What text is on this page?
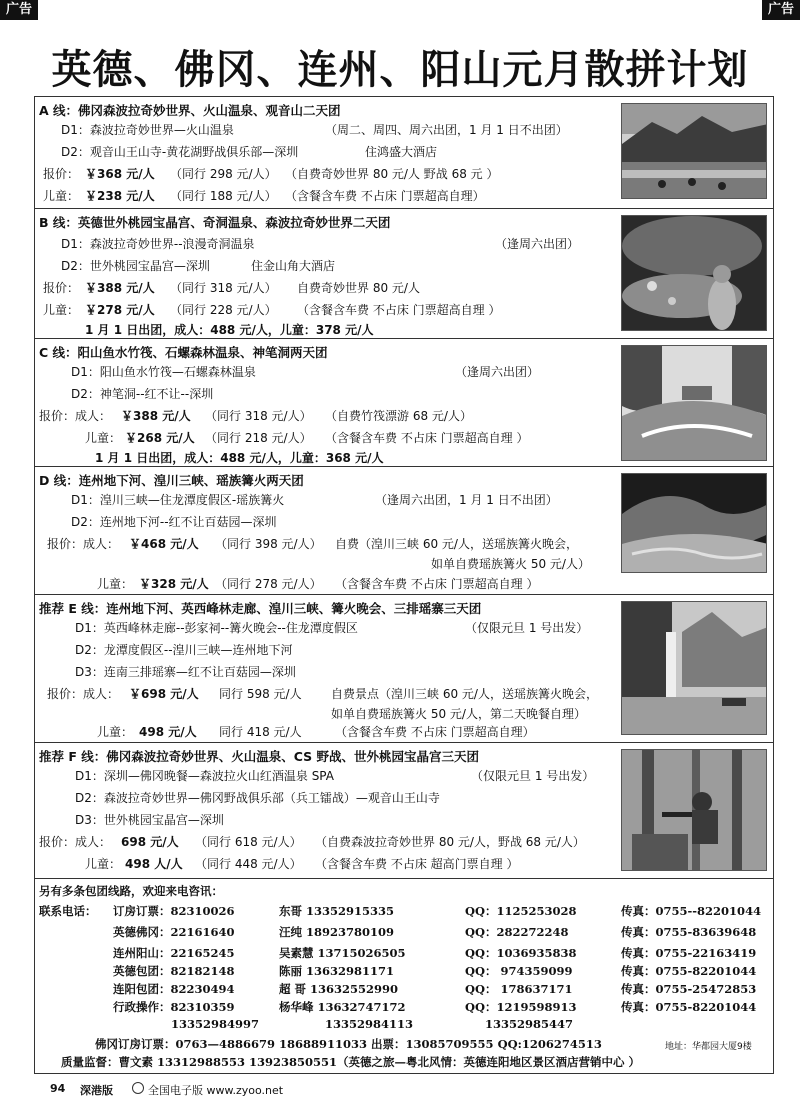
广告	广告
英德、佛冈、连州、阳山元月散拼计划
A 线：佛冈森波拉奇妙世界、火山温泉、观音山二天团
D1：森波拉奇妙世界—火山温泉	（周二、周四、周六出团，1 月 1 日不出团）
D2：观音山王山寺-黄花湖野战俱乐部—深圳	住鸿盛大酒店
报价： ￥368 元/人 （同行 298 元/人） （自费奇妙世界 80 元/人 野战 68 元 ）
儿童： ￥238 元/人 （同行 188 元/人） （含餐含车费 不占床 门票超高自理）
B 线：英德世外桃园宝晶宫、奇洞温泉、森波拉奇妙世界二天团
D1：森波拉奇妙世界--浪漫奇洞温泉	（逢周六出团）
D2：世外桃园宝晶宫—深圳	住金山角大酒店
报价： ￥388 元/人 （同行 318 元/人） 自费奇妙世界 80 元/人
儿童： ￥278 元/人 （同行 228 元/人） （含餐含车费 不占床 门票超高自理 ）
1 月 1 日出团，成人：488 元/人，儿童：378 元/人
C 线：阳山鱼水竹筏、石螺森林温泉、神笔洞两天团
D1：阳山鱼水竹筏—石螺森林温泉	（逢周六出团）
D2：神笔洞--红不让--深圳
报价：成人： ￥388 元/人 （同行 318 元/人） （自费竹筏漂游 68 元/人）
儿童： ￥268 元/人 （同行 218 元/人） （含餐含车费 不占床 门票超高自理 ）
1 月 1 日出团，成人：488 元/人，儿童：368 元/人
D 线：连州地下河、湟川三峡、瑶族篝火两天团
D1：湟川三峡—住龙潭度假区-瑶族篝火	（逢周六出团，1 月 1 日不出团）
D2：连州地下河--红不让百菇园—深圳
报价：成人： ￥468 元/人 （同行 398 元/人） 自费（湟川三峡 60 元/人，送瑶族篝火晚会，
如单自费瑶族篝火 50 元/人）
儿童： ￥328 元/人 （同行 278 元/人） （含餐含车费 不占床 门票超高自理 ）
推荐 E 线：连州地下河、英西峰林走廊、湟川三峡、篝火晚会、三排瑶寨三天团
D1：英西峰林走廊--彭家祠--篝火晚会--住龙潭度假区	（仅限元旦 1 号出发）
D2：龙潭度假区--湟川三峡—连州地下河
D3：连南三排瑶寨—红不让百菇园—深圳
报价：成人： ￥698 元/人 同行 598 元/人 自费景点（湟川三峡 60 元/人，送瑶族篝火晚会，
如单自费瑶族篝火 50 元/人，第二天晚餐自理）
儿童： 498 元/人 同行 418 元/人	（含餐含车费 不占床 门票超高自理）
推荐 F 线：佛冈森波拉奇妙世界、火山温泉、CS 野战、世外桃园宝晶宫三天团
D1：深圳—佛冈晚餐—森波拉火山红酒温泉 SPA	（仅限元旦 1 号出发）
D2：森波拉奇妙世界—佛冈野战俱乐部（兵工镭战）—观音山王山寺
D3：世外桃园宝晶宫—深圳
报价：成人： 698 元/人 （同行 618 元/人） （自费森波拉奇妙世界 80 元/人，野战 68 元/人）
儿童： 498 人/人 （同行 448 元/人） （含餐含车费 不占床 超高门票自理 ）
另有多条包团线路，欢迎来电咨讯：
联系电话： 订房订票：82310026	东哥 13352915335	QQ：1125253028	传真：0755--82201044
英德佛冈：22161640	汪纯 18923780109	QQ：282272248	传真：0755-83639648
连州阳山：22165245	吴素慧 13715026505	QQ：1036935838	传真：0755-22163419
英德包团：82182148	陈丽 13632981171	QQ： 974359099	传真：0755-82201044
连阳包团：82230494	超 哥 13632552990	QQ： 178637171	传真：0755-25472853
行政操作：82310359	杨华峰 13632747172	QQ：1219598913	传真：0755-82201044
13352984997	13352984113	13352985447
佛冈订房订票：0763—4886679 18688911033 出票：13085709555 QQ:1206274513	地址：华都园大厦9楼
质量监督：曹文素 13312988553 13923850551（英德之旅—粤北风情：英德连阳地区景区酒店营销中心 ）
94 深港版	全国电子版 www.zyoo.net
